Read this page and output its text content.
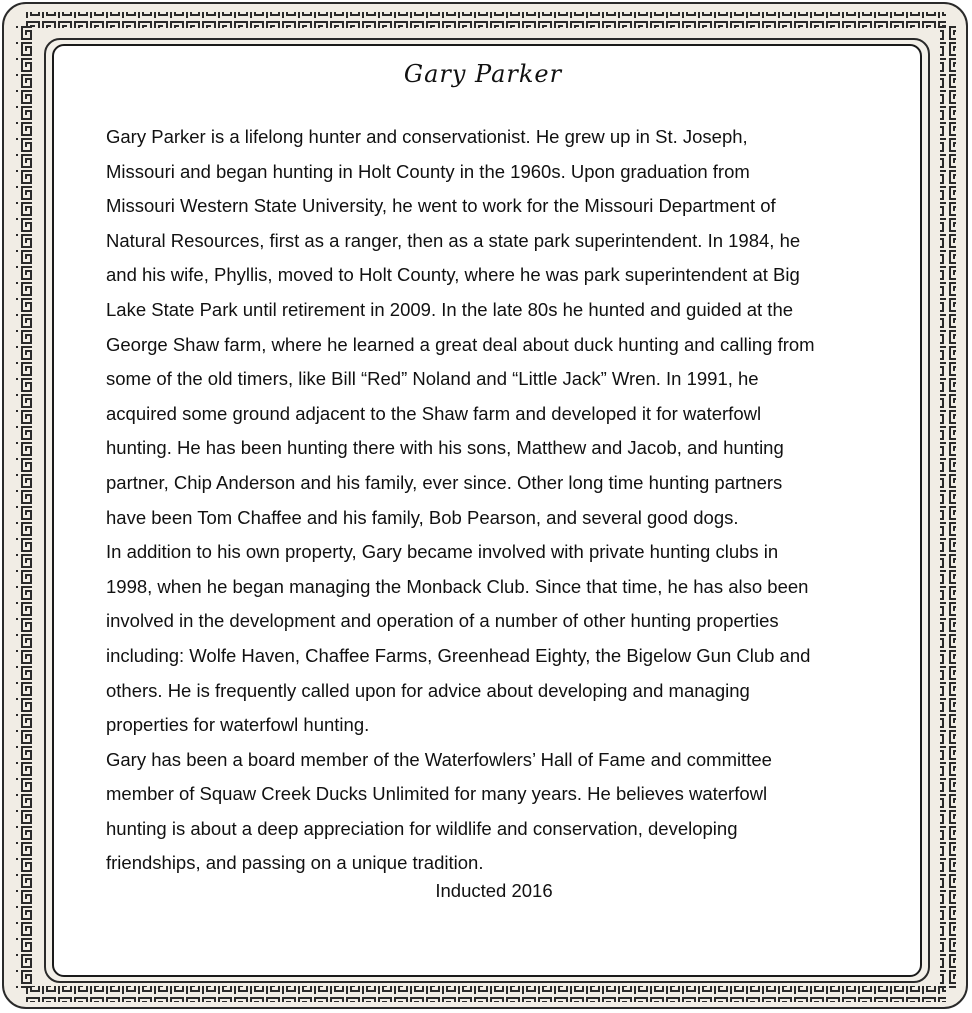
Gary Parker

Gary Parker is a lifelong hunter and conservationist. He grew up in St. Joseph,

Missouri and began hunting in Holt County in the 1960s. Upon graduation from

Missouri Western State University, he went to work for the Missouri Department of

Natural Resources, first as a ranger, then as a state park superintendent. In 1984, he

and his wife, Phyllis, moved to Holt County, where he was park superintendent at Big

Lake State Park until retirement in 2009. In the late 80s he hunted and guided at the

George Shaw farm, where he learned a great deal about duck hunting and calling from

some of the old timers, like Bill “Red” Noland and “Little Jack” Wren. In 1991, he

acquired some ground adjacent to the Shaw farm and developed it for waterfowl

hunting. He has been hunting there with his sons, Matthew and Jacob, and hunting

partner, Chip Anderson and his family, ever since. Other long time hunting partners

have been Tom Chaffee and his family, Bob Pearson, and several good dogs.

In addition to his own property, Gary became involved with private hunting clubs in

1998, when he began managing the Monback Club. Since that time, he has also been

involved in the development and operation of a number of other hunting properties

including: Wolfe Haven, Chaffee Farms, Greenhead Eighty, the Bigelow Gun Club and

others. He is frequently called upon for advice about developing and managing

properties for waterfowl hunting.

Gary has been a board member of the Waterfowlers’ Hall of Fame and committee

member of Squaw Creek Ducks Unlimited for many years. He believes waterfowl

hunting is about a deep appreciation for wildlife and conservation, developing

friendships, and passing on a unique tradition.

Inducted 2016
